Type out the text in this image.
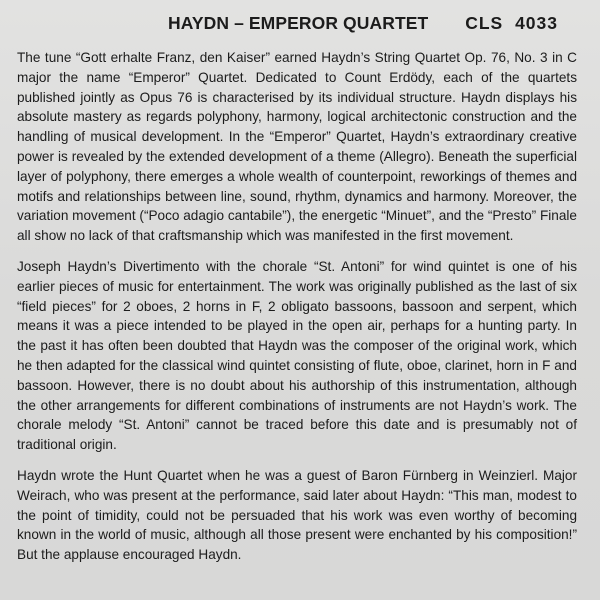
HAYDN – EMPEROR QUARTET CLS 4033

The tune “Gott erhalte Franz, den Kaiser” earned Haydn’s String Quartet Op. 76, No. 3 in C major the name “Emperor” Quartet. Dedicated to Count Erdödy, each of the quartets published jointly as Opus 76 is characterised by its individual structure. Haydn displays his absolute mastery as regards polyphony, harmony, logical architectonic construction and the handling of musical development. In the “Emperor” Quartet, Haydn’s extraordinary creative power is revealed by the extended development of a theme (Allegro). Beneath the superficial layer of polyphony, there emerges a whole wealth of counterpoint, reworkings of themes and motifs and relationships between line, sound, rhythm, dynamics and harmony. Moreover, the variation movement (“Poco adagio cantabile”), the energetic “Minuet”, and the “Presto” Finale all show no lack of that craftsmanship which was manifested in the first movement.

Joseph Haydn’s Divertimento with the chorale “St. Antoni” for wind quintet is one of his earlier pieces of music for entertainment. The work was originally published as the last of six “field pieces” for 2 oboes, 2 horns in F, 2 obligato bassoons, bassoon and serpent, which means it was a piece intended to be played in the open air, perhaps for a hunting party. In the past it has often been doubted that Haydn was the composer of the original work, which he then adapted for the classical wind quintet consisting of flute, oboe, clarinet, horn in F and bassoon. However, there is no doubt about his authorship of this instrumentation, although the other arrangements for different combinations of instruments are not Haydn’s work. The chorale melody “St. Antoni” cannot be traced before this date and is presumably not of traditional origin.

Haydn wrote the Hunt Quartet when he was a guest of Baron Fürnberg in Weinzierl. Major Weirach, who was present at the performance, said later about Haydn: “This man, modest to the point of timidity, could not be persuaded that his work was even worthy of becoming known in the world of music, although all those present were enchanted by his composition!” But the applause encouraged Haydn.
